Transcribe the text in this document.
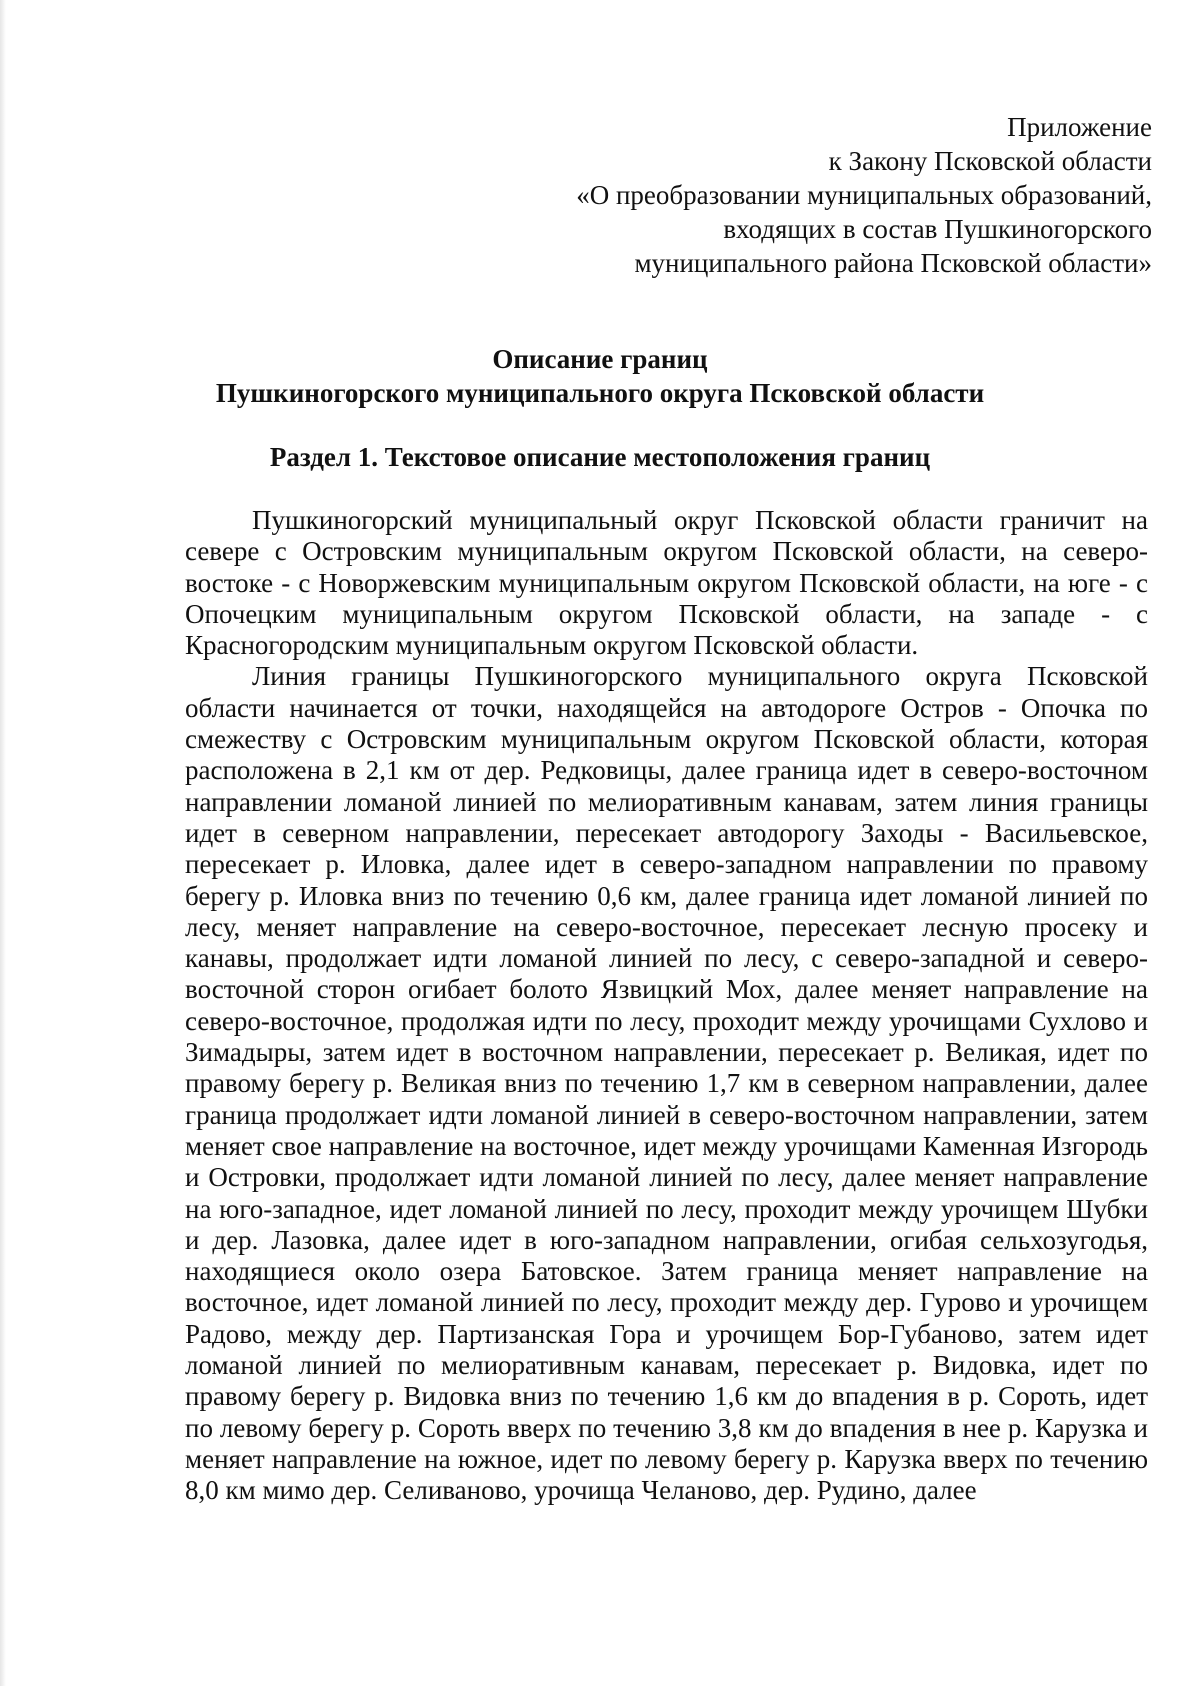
Приложение
к Закону Псковской области
«О преобразовании муниципальных образований,
входящих в состав Пушкиногорского
муниципального района Псковской области»
Описание границ
Пушкиногорского муниципального округа Псковской области
Раздел 1. Текстовое описание местоположения границ

Пушкиногорский муниципальный округ Псковской области граничит на севере с Островским муниципальным округом Псковской области, на северо-востоке - с Новоржевским муниципальным округом Псковской области, на юге - с Опочецким муниципальным округом Псковской области, на западе - с Красногородским муниципальным округом Псковской области.

Линия границы Пушкиногорского муниципального округа Псковской области начинается от точки, находящейся на автодороге Остров - Опочка по смежеству с Островским муниципальным округом Псковской области, которая расположена в 2,1 км от дер. Редковицы, далее граница идет в северо-восточном направлении ломаной линией по мелиоративным канавам, затем линия границы идет в северном направлении, пересекает автодорогу Заходы - Васильевское, пересекает р. Иловка, далее идет в северо-западном направлении по правому берегу р. Иловка вниз по течению 0,6 км, далее граница идет ломаной линией по лесу, меняет направление на северо-восточное, пересекает лесную просеку и канавы, продолжает идти ломаной линией по лесу, с северо-западной и северо-восточной сторон огибает болото Язвицкий Мох, далее меняет направление на северо-восточное, продолжая идти по лесу, проходит между урочищами Сухлово и Зимадыры, затем идет в восточном направлении, пересекает р. Великая, идет по правому берегу р. Великая вниз по течению 1,7 км в северном направлении, далее граница продолжает идти ломаной линией в северо-восточном направлении, затем меняет свое направление на восточное, идет между урочищами Каменная Изгородь и Островки, продолжает идти ломаной линией по лесу, далее меняет направление на юго-западное, идет ломаной линией по лесу, проходит между урочищем Шубки и дер. Лазовка, далее идет в юго-западном направлении, огибая сельхозугодья, находящиеся около озера Батовское. Затем граница меняет направление на восточное, идет ломаной линией по лесу, проходит между дер. Гурово и урочищем Радово, между дер. Партизанская Гора и урочищем Бор-Губаново, затем идет ломаной линией по мелиоративным канавам, пересекает р. Видовка, идет по правому берегу р. Видовка вниз по течению 1,6 км до впадения в р. Сороть, идет по левому берегу р. Сороть вверх по течению 3,8 км до впадения в нее р. Карузка и меняет направление на южное, идет по левому берегу р. Карузка вверх по течению 8,0 км мимо дер. Селиваново, урочища Челаново, дер. Рудино, далее
